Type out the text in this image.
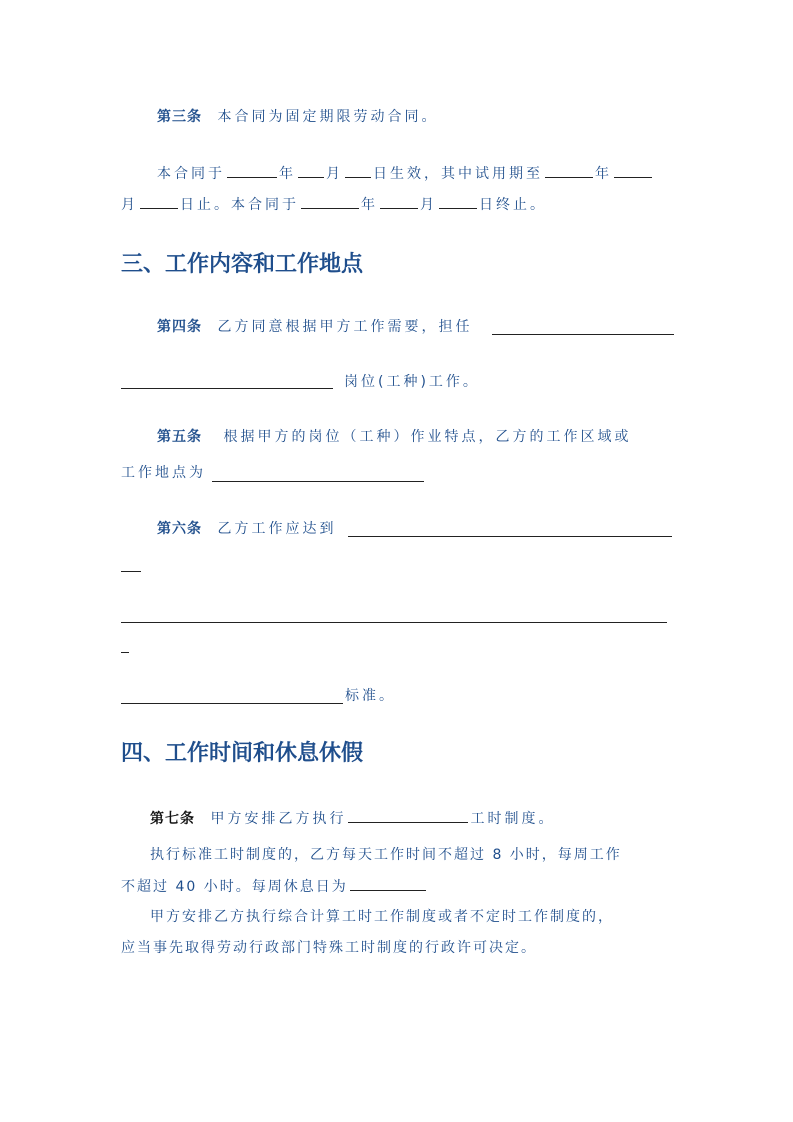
第三条 本合同为固定期限劳动合同。
本合同于	年 月 日生效，其中试用期至	年
月	日止。本合同于	年	月	日终止。
三、工作内容和工作地点
第四条 乙方同意根据甲方工作需要，担任
岗位(工种)工作。
第五条 根据甲方的岗位（工种）作业特点，乙方的工作区域或
工作地点为
第六条 乙方工作应达到
标准。
四、工作时间和休息休假
第七条 甲方安排乙方执行	工时制度。
执行标准工时制度的，乙方每天工作时间不超过 8 小时，每周工作
不超过 40 小时。每周休息日为
甲方安排乙方执行综合计算工时工作制度或者不定时工作制度的，
应当事先取得劳动行政部门特殊工时制度的行政许可决定。
